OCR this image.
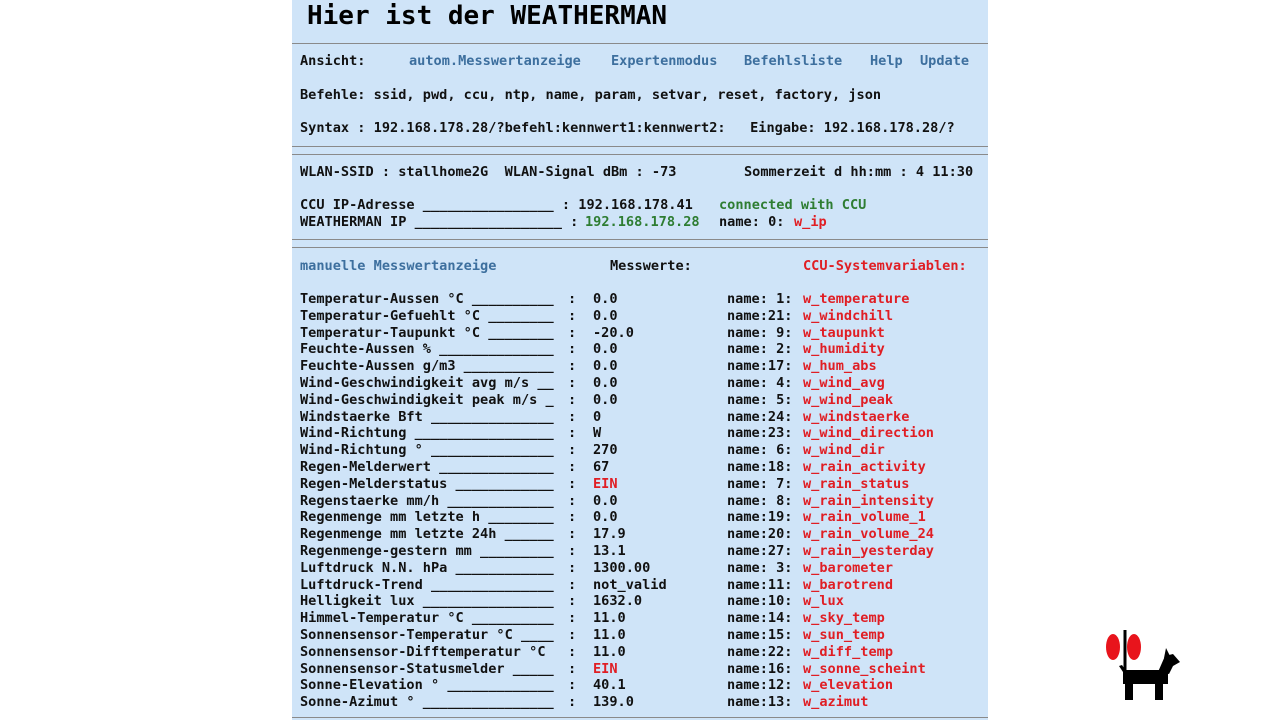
Hier ist der WEATHERMAN
Ansicht:	autom.Messwertanzeige Expertenmodus Befehlsliste Help Update
Befehle: ssid, pwd, ccu, ntp, name, param, setvar, reset, factory, json
Syntax : 192.168.178.28/?befehl:kennwert1:kennwert2:   Eingabe: 192.168.178.28/?
WLAN-SSID : stallhome2G  WLAN-Signal dBm : -73	Sommerzeit d hh:mm : 4 11:30
CCU IP-Adresse ________________ : 192.168.178.41 connected with CCU
WEATHERMAN IP __________________ : 192.168.178.28 name: 0: w_ip
manuelle Messwertanzeige	Messwerte:	CCU-Systemvariablen:
Temperatur-Aussen °C __________ : 0.0	name: 1: w_temperature
Temperatur-Gefuehlt °C ________ : 0.0	name:21: w_windchill
Temperatur-Taupunkt °C ________ : -20.0	name: 9: w_taupunkt
Feuchte-Aussen % ______________ : 0.0	name: 2: w_humidity
Feuchte-Aussen g/m3 ___________ : 0.0	name:17: w_hum_abs
Wind-Geschwindigkeit avg m/s __ : 0.0	name: 4: w_wind_avg
Wind-Geschwindigkeit peak m/s _ : 0.0	name: 5: w_wind_peak
Windstaerke Bft _______________ : 0	name:24: w_windstaerke
Wind-Richtung _________________ : W	name:23: w_wind_direction
Wind-Richtung ° _______________ : 270	name: 6: w_wind_dir
Regen-Melderwert ______________ : 67	name:18: w_rain_activity
Regen-Melderstatus ____________ : EIN	name: 7: w_rain_status
Regenstaerke mm/h _____________ : 0.0	name: 8: w_rain_intensity
Regenmenge mm letzte h ________ : 0.0	name:19: w_rain_volume_1
Regenmenge mm letzte 24h ______ : 17.9	name:20: w_rain_volume_24
Regenmenge-gestern mm _________ : 13.1	name:27: w_rain_yesterday
Luftdruck N.N. hPa ____________ : 1300.00	name: 3: w_barometer
Luftdruck-Trend _______________ : not_valid	name:11: w_barotrend
Helligkeit lux ________________ : 1632.0	name:10: w_lux
Himmel-Temperatur °C __________ : 11.0	name:14: w_sky_temp
Sonnensensor-Temperatur °C ____ : 11.0	name:15: w_sun_temp
Sonnensensor-Difftemperatur °C : 11.0	name:22: w_diff_temp
Sonnensensor-Statusmelder _____ : EIN	name:16: w_sonne_scheint
Sonne-Elevation ° _____________ : 40.1	name:12: w_elevation
Sonne-Azimut ° ________________ : 139.0	name:13: w_azimut
